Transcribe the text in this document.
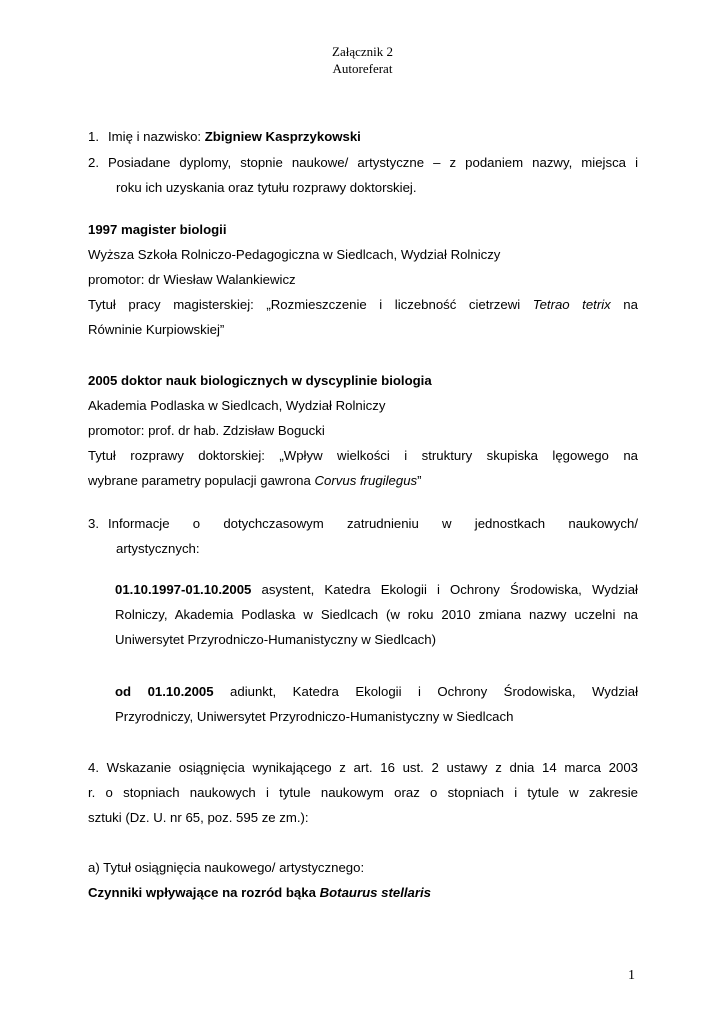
Załącznik 2
Autoreferat
1. Imię i nazwisko: Zbigniew Kasprzykowski
2. Posiadane dyplomy, stopnie naukowe/ artystyczne – z podaniem nazwy, miejsca i
roku ich uzyskania oraz tytułu rozprawy doktorskiej.
1997 magister biologii
Wyższa Szkoła Rolniczo-Pedagogiczna w Siedlcach, Wydział Rolniczy
promotor: dr Wiesław Walankiewicz
Tytuł pracy magisterskiej: „Rozmieszczenie i liczebność cietrzewi Tetrao tetrix na
Równinie Kurpiowskiej”
2005 doktor nauk biologicznych w dyscyplinie biologia
Akademia Podlaska w Siedlcach, Wydział Rolniczy
promotor: prof. dr hab. Zdzisław Bogucki
Tytuł rozprawy doktorskiej: „Wpływ wielkości i struktury skupiska lęgowego na
wybrane parametry populacji gawrona Corvus frugilegus”
3. Informacje o dotychczasowym zatrudnieniu w jednostkach naukowych/
artystycznych:
01.10.1997-01.10.2005 asystent, Katedra Ekologii i Ochrony Środowiska, Wydział
Rolniczy, Akademia Podlaska w Siedlcach (w roku 2010 zmiana nazwy uczelni na
Uniwersytet Przyrodniczo-Humanistyczny w Siedlcach)
od 01.10.2005 adiunkt, Katedra Ekologii i Ochrony Środowiska, Wydział
Przyrodniczy, Uniwersytet Przyrodniczo-Humanistyczny w Siedlcach
4. Wskazanie osiągnięcia wynikającego z art. 16 ust. 2 ustawy z dnia 14 marca 2003
r. o stopniach naukowych i tytule naukowym oraz o stopniach i tytule w zakresie
sztuki (Dz. U. nr 65, poz. 595 ze zm.):
a) Tytuł osiągnięcia naukowego/ artystycznego:
Czynniki wpływające na rozród bąka Botaurus stellaris
1
